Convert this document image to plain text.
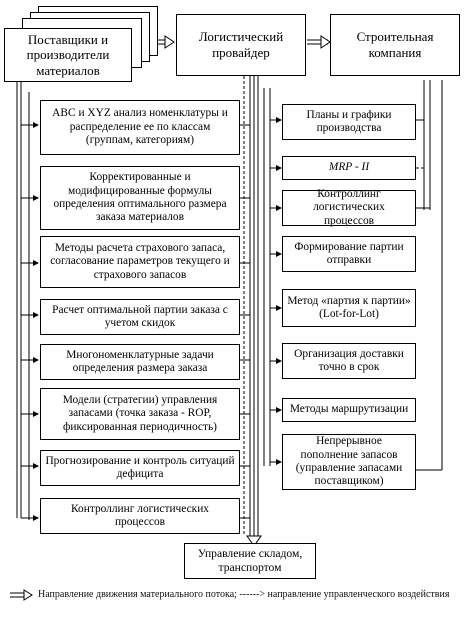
Поставщики и производители материалов
Логистический провайдер
Строительная компания
ABC и XYZ анализ номенклатуры и распределение ее по классам (группам, категориям)
Корректированные и модифицированные формулы определения оптимального размера заказа материалов
Методы расчета страхового запаса, согласование параметров текущего и страхового запасов
Расчет оптимальной партии заказа с учетом скидок
Многономенклатурные задачи определения размера заказа
Модели (стратегии) управления запасами (точка заказа - ROP, фиксированная периодичность)
Прогнозирование и контроль ситуаций дефицита
Контроллинг логистических процессов
Планы и графики производства
MRP - II
Контроллинг логистических процессов
Формирование партии отправки
Метод «партия к партии» (Lot-for-Lot)
Организация доставки точно в срок
Методы маршрутизации
Непрерывное пополнение запасов (управление запасами поставщиком)
Управление складом, транспортом
Направление движения материального потока; ------> направление управленческого воздействия
